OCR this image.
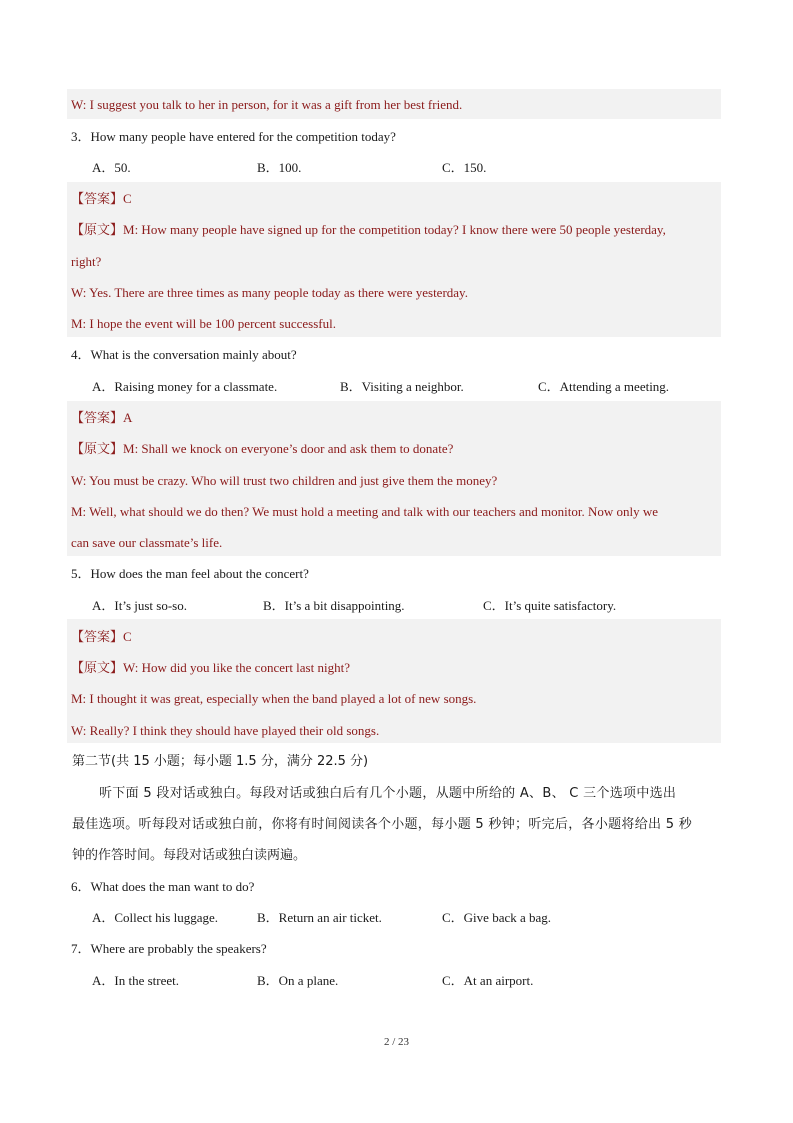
W: I suggest you talk to her in person, for it was a gift from her best friend.
3．How many people have entered for the competition today?
A．50.	B．100.	C．150.
【答案】C
【原文】M: How many people have signed up for the competition today? I know there were 50 people yesterday,
right?
W: Yes. There are three times as many people today as there were yesterday.
M: I hope the event will be 100 percent successful.
4．What is the conversation mainly about?
A．Raising money for a classmate.	B．Visiting a neighbor.	C．Attending a meeting.
【答案】A
【原文】M: Shall we knock on everyone’s door and ask them to donate?
W: You must be crazy. Who will trust two children and just give them the money?
M: Well, what should we do then? We must hold a meeting and talk with our teachers and monitor. Now only we
can save our classmate’s life.
5．How does the man feel about the concert?
A．It’s just so-so.	B．It’s a bit disappointing.	C．It’s quite satisfactory.
【答案】C
【原文】W: How did you like the concert last night?
M: I thought it was great, especially when the band played a lot of new songs.
W: Really? I think they should have played their old songs.
第二节(共 15 小题；每小题 1.5 分，满分 22.5 分)
听下面 5 段对话或独白。每段对话或独白后有几个小题，从题中所给的 A、B、 C 三个选项中选出
最佳选项。听每段对话或独白前，你将有时间阅读各个小题，每小题 5 秒钟；听完后，各小题将给出 5 秒
钟的作答时间。每段对话或独白读两遍。
6．What does the man want to do?
A．Collect his luggage.	B．Return an air ticket.	C．Give back a bag.
7．Where are probably the speakers?
A．In the street.	B．On a plane.	C．At an airport.
2 / 23
